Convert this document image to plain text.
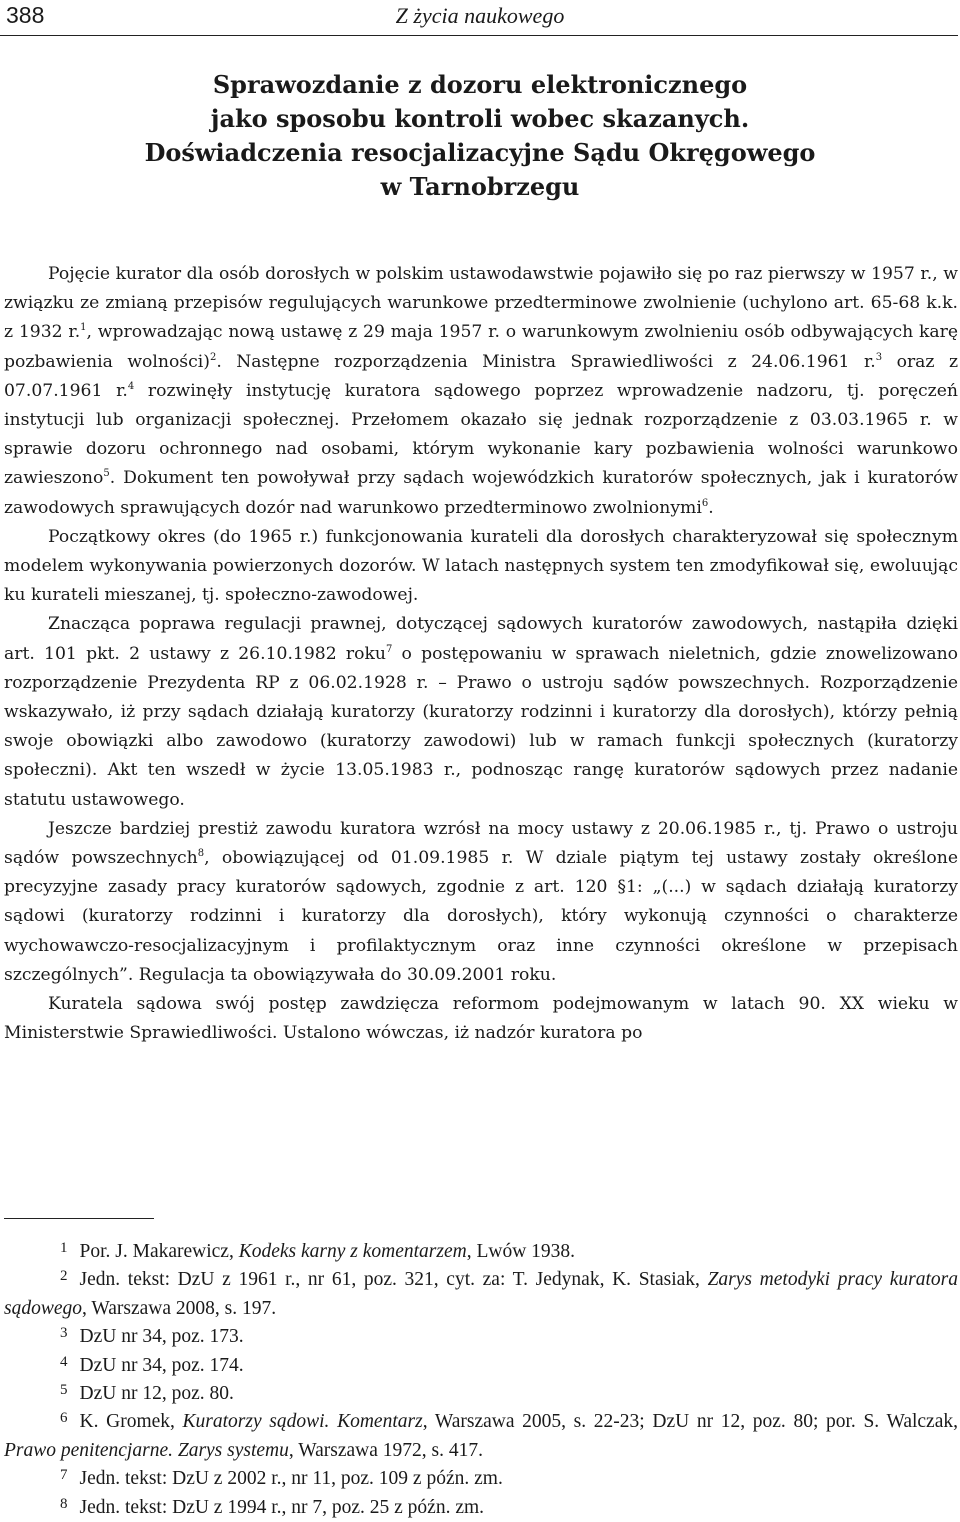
388	Z życia naukowego
Sprawozdanie z dozoru elektronicznego
jako sposobu kontroli wobec skazanych.
Doświadczenia resocjalizacyjne Sądu Okręgowego
w Tarnobrzegu

Pojęcie kurator dla osób dorosłych w polskim ustawodawstwie pojawiło się po raz pierwszy w 1957 r., w związku ze zmianą przepisów regulujących warunkowe przedterminowe zwolnienie (uchylono art. 65-68 k.k. z 1932 r.$^1$, wprowadzając nową ustawę z 29 maja 1957 r. o warunkowym zwolnieniu osób odbywających karę pozbawienia wolności)$^2$. Następne rozporządzenia Ministra Sprawiedliwości z 24.06.1961 r.$^3$ oraz z 07.07.1961 r.$^4$ rozwinęły instytucję kuratora sądowego poprzez wprowadzenie nadzoru, tj. poręczeń instytucji lub organizacji społecznej. Przełomem okazało się jednak rozporządzenie z 03.03.1965 r. w sprawie dozoru ochronnego nad osobami, którym wykonanie kary pozbawienia wolności warunkowo zawieszono$^5$. Dokument ten powoływał przy sądach wojewódzkich kuratorów społecznych, jak i kuratorów zawodowych sprawujących dozór nad warunkowo przedterminowo zwolnionymi$^6$.

Początkowy okres (do 1965 r.) funkcjonowania kurateli dla dorosłych charakteryzował się społecznym modelem wykonywania powierzonych dozorów. W latach następnych system ten zmodyfikował się, ewoluując ku kurateli mieszanej, tj. społeczno-zawodowej.

Znacząca poprawa regulacji prawnej, dotyczącej sądowych kuratorów zawodowych, nastąpiła dzięki art. 101 pkt. 2 ustawy z 26.10.1982 roku$^7$ o postępowaniu w sprawach nieletnich, gdzie znowelizowano rozporządzenie Prezydenta RP z 06.02.1928 r. – Prawo o ustroju sądów powszechnych. Rozporządzenie wskazywało, iż przy sądach działają kuratorzy (kuratorzy rodzinni i kuratorzy dla dorosłych), którzy pełnią swoje obowiązki albo zawodowo (kuratorzy zawodowi) lub w ramach funkcji społecznych (kuratorzy społeczni). Akt ten wszedł w życie 13.05.1983 r., podnosząc rangę kuratorów sądowych przez nadanie statutu ustawowego.

Jeszcze bardziej prestiż zawodu kuratora wzrósł na mocy ustawy z 20.06.1985 r., tj. Prawo o ustroju sądów powszechnych$^8$, obowiązującej od 01.09.1985 r. W dziale piątym tej ustawy zostały określone precyzyjne zasady pracy kuratorów sądowych, zgodnie z art. 120 §1: „(...) w sądach działają kuratorzy sądowi (kuratorzy rodzinni i kuratorzy dla dorosłych), który wykonują czynności o charakterze wychowawczo-resocjalizacyjnym i profilaktycznym oraz inne czynności określone w przepisach szczególnych”. Regulacja ta obowiązywała do 30.09.2001 roku.

Kuratela sądowa swój postęp zawdzięcza reformom podejmowanym w latach 90. XX wieku w Ministerstwie Sprawiedliwości. Ustalono wówczas, iż nadzór kuratora po

$^1$ Por. J. Makarewicz, Kodeks karny z komentarzem, Lwów 1938.

$^2$ Jedn. tekst: DzU z 1961 r., nr 61, poz. 321, cyt. za: T. Jedynak, K. Stasiak, Zarys metodyki pracy kuratora sądowego, Warszawa 2008, s. 197.

$^3$ DzU nr 34, poz. 173.

$^4$ DzU nr 34, poz. 174.

$^5$ DzU nr 12, poz. 80.

$^6$ K. Gromek, Kuratorzy sądowi. Komentarz, Warszawa 2005, s. 22-23; DzU nr 12, poz. 80; por. S. Walczak, Prawo penitencjarne. Zarys systemu, Warszawa 1972, s. 417.

$^7$ Jedn. tekst: DzU z 2002 r., nr 11, poz. 109 z późn. zm.

$^8$ Jedn. tekst: DzU z 1994 r., nr 7, poz. 25 z późn. zm.
